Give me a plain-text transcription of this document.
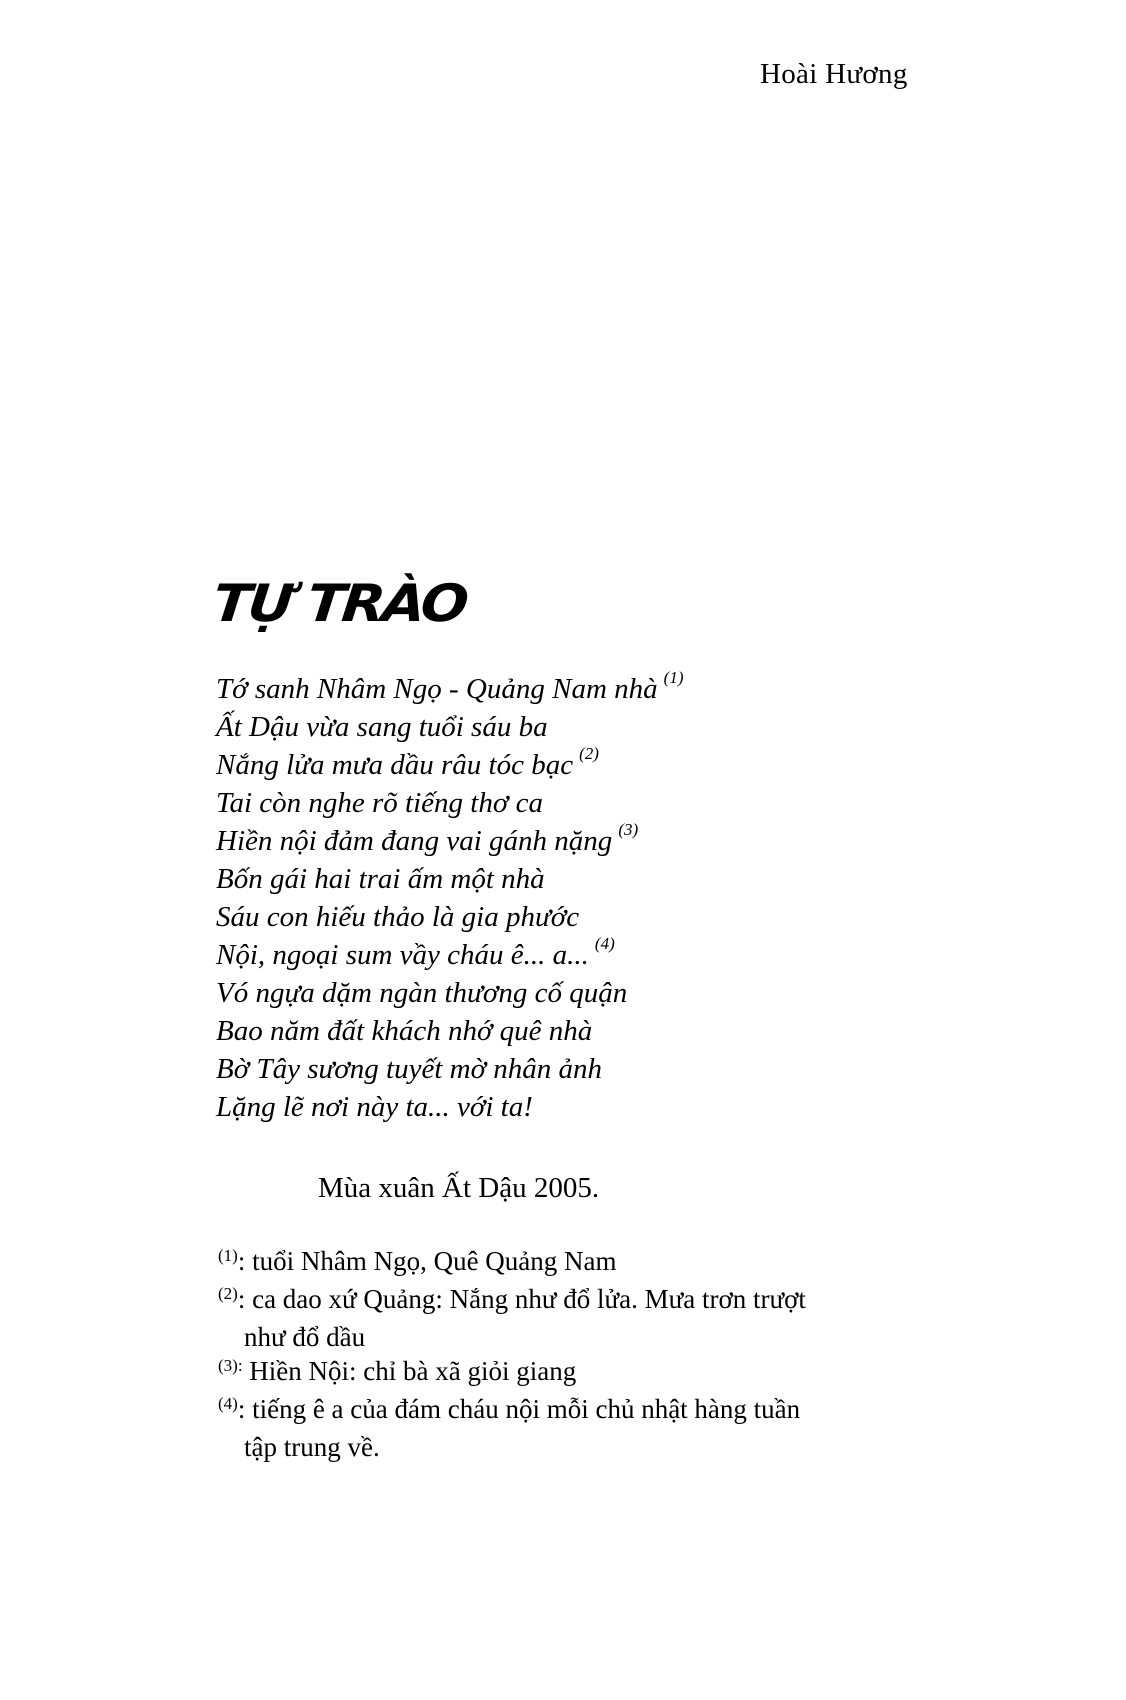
Hoài Hương
TỰ TRÀO
Tớ sanh Nhâm Ngọ - Quảng Nam nhà $^{(1)}$
Ất Dậu vừa sang tuổi sáu ba
Nắng lửa mưa dầu râu tóc bạc $^{(2)}$
Tai còn nghe rõ tiếng thơ ca
Hiền nội đảm đang vai gánh nặng $^{(3)}$
Bốn gái hai trai ấm một nhà
Sáu con hiếu thảo là gia phước
Nội, ngoại sum vầy cháu ê... a... $^{(4)}$
Vó ngựa dặm ngàn thương cố quận
Bao năm đất khách nhớ quê nhà
Bờ Tây sương tuyết mờ nhân ảnh
Lặng lẽ nơi này ta... với ta!
Mùa xuân Ất Dậu 2005.
$^{(1)}$: tuổi Nhâm Ngọ, Quê Quảng Nam
$^{(2)}$: ca dao xứ Quảng: Nắng như đổ lửa. Mưa trơn trượt
như đổ dầu
$^{(3):}$ Hiền Nội: chỉ bà xã giỏi giang
$^{(4)}$: tiếng ê a của đám cháu nội mỗi chủ nhật hàng tuần
tập trung về.
